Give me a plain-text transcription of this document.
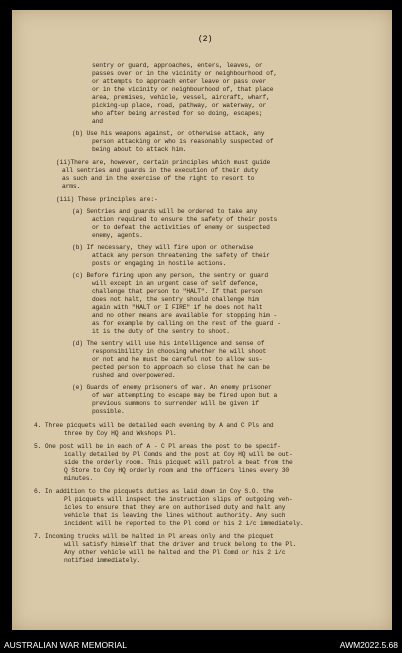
sentry or guard, approaches, enters, leaves, or
passes over or in the vicinity or neighbourhood of,
or attempts to approach enter leave or pass over
or in the vicinity or neighbourhood of, that place
area, premises, vehicle, vessel, aircraft, wharf,
picking-up place, road, pathway, or waterway, or
who after being arrested for so doing, escapes;
and
(b) Use his weapons against, or otherwise attack, any
person attacking or who is reasonably suspected of
being about to attack him.
(ii)There are, however, certain principles which must guide
all sentries and guards in the execution of their duty
as such and in the exercise of the right to resort to
arms.
(iii) These principles are:-
(a) Sentries and guards will be ordered to take any
action required to ensure the safety of their posts
or to defeat the activities of enemy or suspected
enemy, agents.
(b) If necessary, they will fire upon or otherwise
attack any person threatening the safety of their
posts or engaging in hostile actions.
(c) Before firing upon any person, the sentry or guard
will except in an urgent case of self defence,
challenge that person to "HALT". If that person
does not halt, the sentry should challenge him
again with "HALT or I FIRE" if he does not halt
and no other means are available for stopping him -
as for example by calling on the rest of the guard -
it is the duty of the sentry to shoot.
(d) The sentry will use his intelligence and sense of
responsibility in choosing whether he will shoot
or not and he must be careful not to allow sus-
pected person to approach so close that he can be
rushed and overpowered.
(e) Guards of enemy prisoners of war. An enemy prisoner
of war attempting to escape may be fired upon but a
previous summons to surrender will be given if
possible.
4. Three picquets will be detailed each evening by A and C Pls and
three by Coy HQ and Wkshops Pl.
5. One post will be in each of A - C Pl areas the post to be specif-
ically detailed by Pl Comds and the post at Coy HQ will be out-
side the orderly room. This picquet will patrol a beat from the
Q Store to Coy HQ orderly room and the officers lines every 30
minutes.
6. In addition to the picquets duties as laid down in Coy S.O. the
Pl picquets will inspect the instruction slips of outgoing veh-
icles to ensure that they are on authorised duty and halt any
vehicle that is leaving the lines without authority. Any such
incident will be reported to the Pl comd or his 2 i/c immediately.
7. Incoming trucks will be halted in Pl areas only and the picquet
will satisfy himself that the driver and truck belong to the Pl.
Any other vehicle will be halted and the Pl Comd or his 2 i/c
notified immediately.
(2)
AUSTRALIAN WAR MEMORIAL	AWM2022.5.68
